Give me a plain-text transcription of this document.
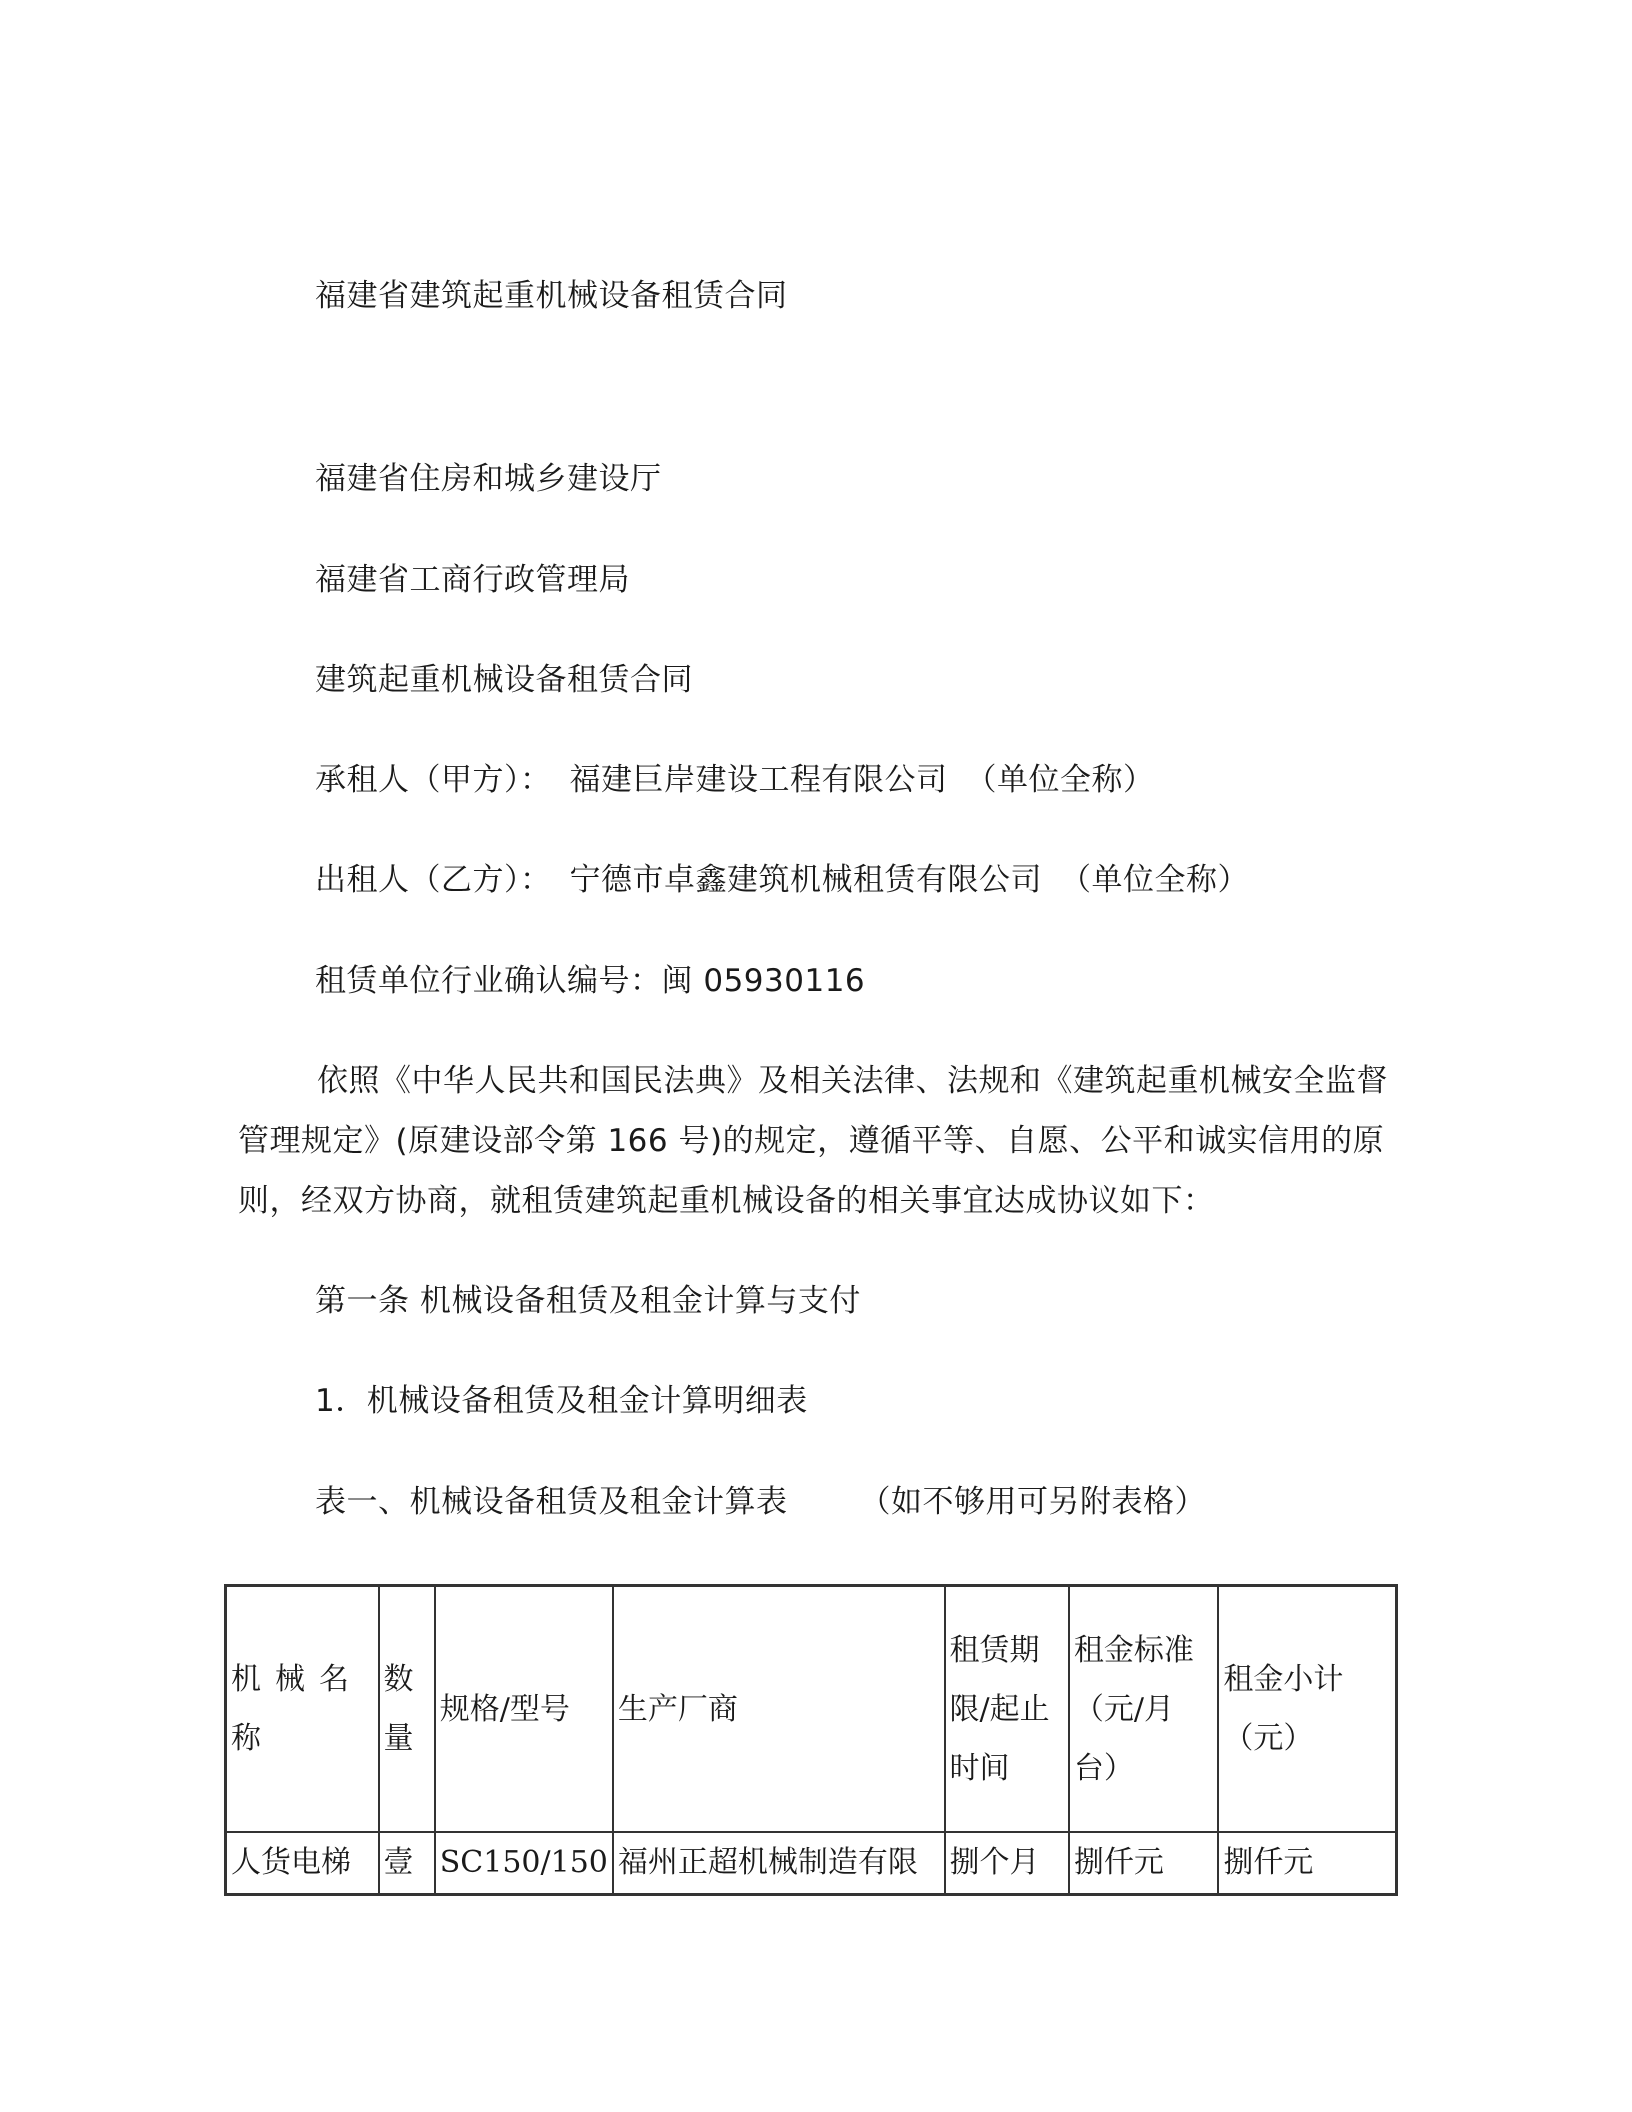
福建省建筑起重机械设备租赁合同
福建省住房和城乡建设厅
福建省工商行政管理局
建筑起重机械设备租赁合同
承租人（甲方）： 福建巨岸建设工程有限公司 （单位全称）
出租人（乙方）： 宁德市卓鑫建筑机械租赁有限公司 （单位全称）
租赁单位行业确认编号：闽 05930116
依照《中华人民共和国民法典》及相关法律、法规和《建筑起重机械安全监督管理规定》(原建设部令第 166 号)的规定，遵循平等、自愿、公平和诚实信用的原则，经双方协商，就租赁建筑起重机械设备的相关事宜达成协议如下：
第一条 机械设备租赁及租金计算与支付
1．机械设备租赁及租金计算明细表
表一、机械设备租赁及租金计算表 （如不够用可另附表格）
机械名称	数量	规格/型号	生产厂商	租赁期限/起止时间	租金标准（元/月台）	租金小计（元）
人货电梯	壹	SC150/150	福州正超机械制造有限	捌个月	捌仟元	捌仟元
